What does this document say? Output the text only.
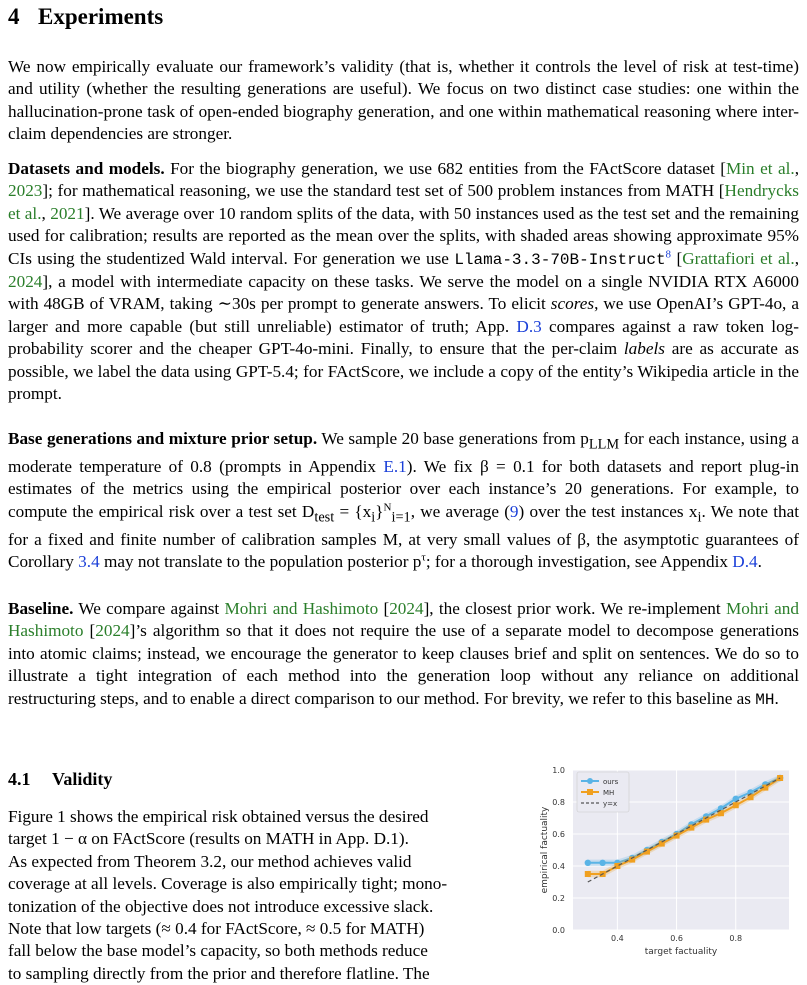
4 Experiments

We now empirically evaluate our framework’s validity (that is, whether it controls the level of risk at test-time) and utility (whether the resulting generations are useful). We focus on two distinct case studies: one within the hallucination-prone task of open-ended biography generation, and one within mathematical reasoning where inter-claim dependencies are stronger.

Datasets and models. For the biography generation, we use 682 entities from the FActScore dataset [Min et al., 2023]; for mathematical reasoning, we use the standard test set of 500 problem instances from MATH [Hendrycks et al., 2021]. We average over 10 random splits of the data, with 50 instances used as the test set and the remaining used for calibration; results are reported as the mean over the splits, with shaded areas showing approximate 95% CIs using the studentized Wald interval. For generation we use Llama-3.3-70B-Instruct$^8$ [Grattafiori et al., 2024], a model with intermediate capacity on these tasks. We serve the model on a single NVIDIA RTX A6000 with 48GB of VRAM, taking ∼30s per prompt to generate answers. To elicit scores, we use OpenAI’s GPT-4o, a larger and more capable (but still unreliable) estimator of truth; App. D.3 compares against a raw token log-probability scorer and the cheaper GPT-4o-mini. Finally, to ensure that the per-claim labels are as accurate as possible, we label the data using GPT-5.4; for FActScore, we include a copy of the entity’s Wikipedia article in the prompt.

Base generations and mixture prior setup. We sample 20 base generations from $p_{LLM}$ for each instance, using a moderate temperature of 0.8 (prompts in Appendix E.1). We fix β = 0.1 for both datasets and report plug-in estimates of the metrics using the empirical posterior over each instance’s 20 generations. For example, to compute the empirical risk over a test set $D_{test} = \{x_i\}^N_{i=1}$, we average (9) over the test instances $x_i$. We note that for a fixed and finite number of calibration samples M, at very small values of β, the asymptotic guarantees of Corollary 3.4 may not translate to the population posterior $p^\tau$; for a thorough investigation, see Appendix D.4.

Baseline. We compare against Mohri and Hashimoto [2024], the closest prior work. We re-implement Mohri and Hashimoto [2024]’s algorithm so that it does not require the use of a separate model to decompose generations into atomic claims; instead, we encourage the generator to keep clauses brief and split on sentences. We do so to illustrate a tight integration of each method into the generation loop without any reliance on additional restructuring steps, and to enable a direct comparison to our method. For brevity, we refer to this baseline as MH.

4.1 Validity
Figure 1 shows the empirical risk obtained versus the desired
target 1 − α on FActScore (results on MATH in App. D.1).
As expected from Theorem 3.2, our method achieves valid
coverage at all levels. Coverage is also empirically tight; mono-
tonization of the objective does not introduce excessive slack.
Note that low targets (≈ 0.4 for FActScore, ≈ 0.5 for MATH)
fall below the base model’s capacity, so both methods reduce
to sampling directly from the prior and therefore flatline. The
0.0
0.2
0.4
0.6
0.8
1.0
0.4	0.6	0.8
ours
MH
y=x
target factuality
empirical factuality
